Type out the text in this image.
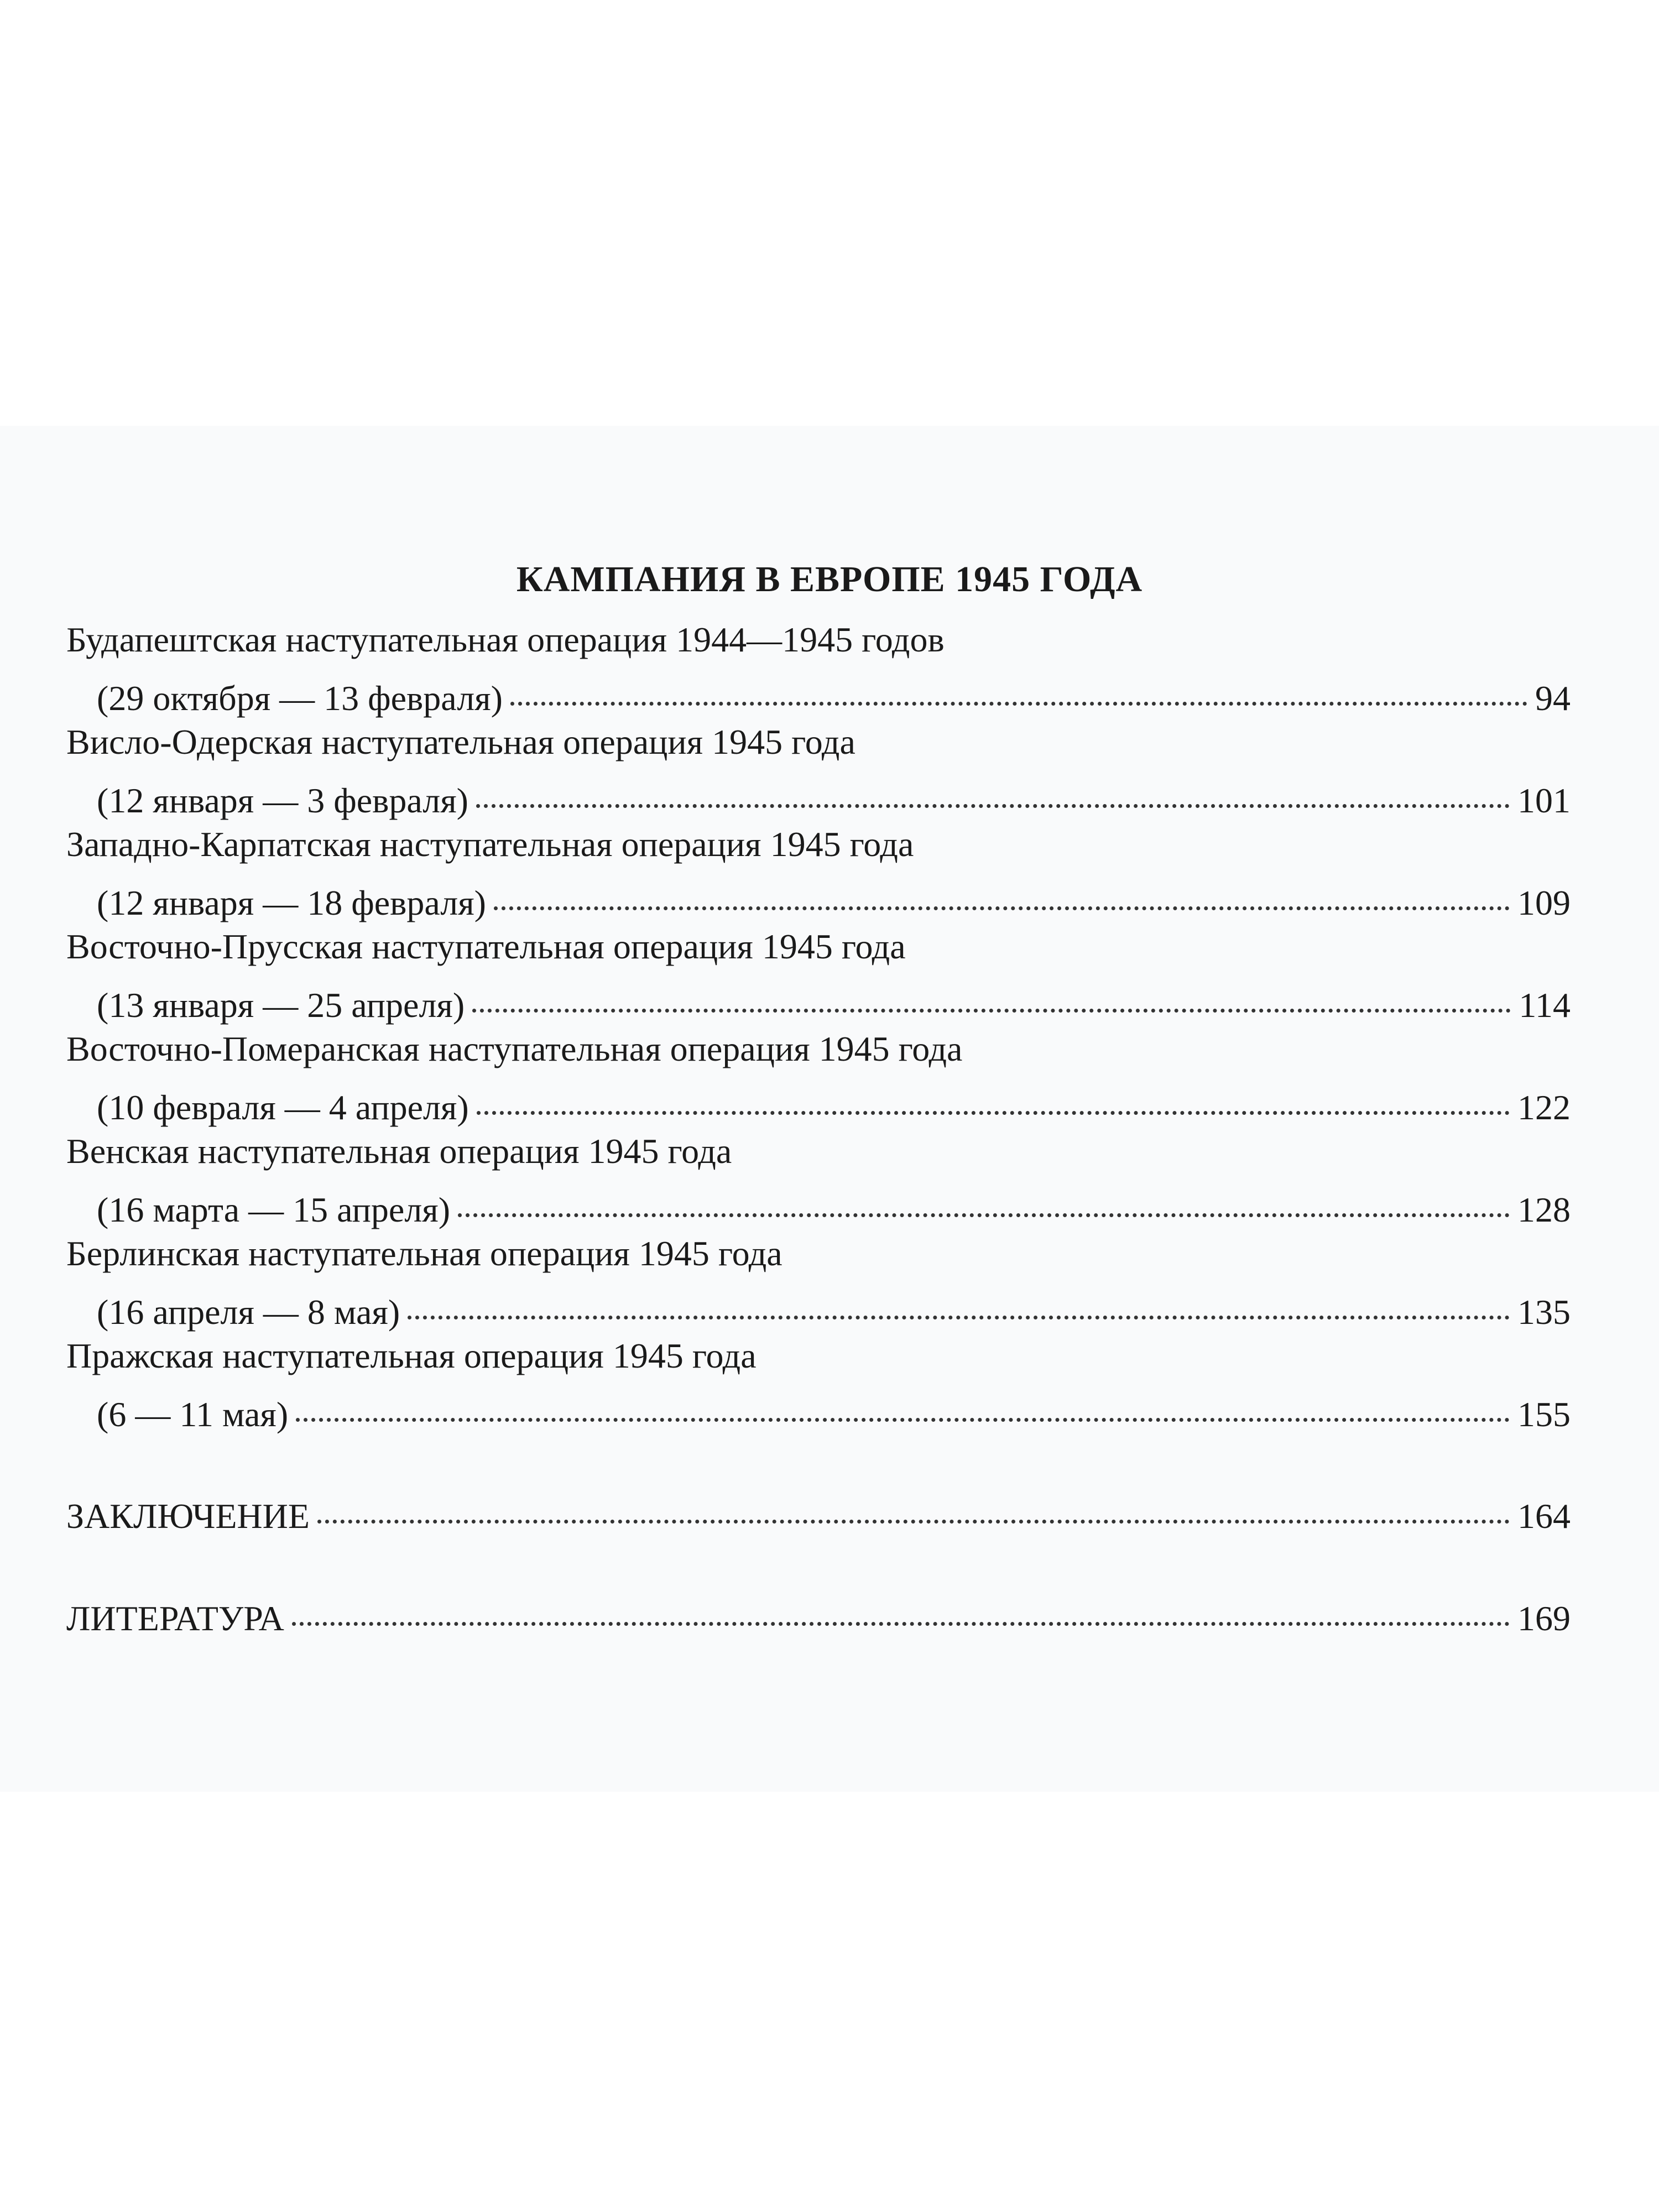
КАМПАНИЯ В ЕВРОПЕ 1945 ГОДА
Будапештская наступательная операция 1944—1945 годов
(29 октября — 13 февраля)	94
Висло-Одерская наступательная операция 1945 года
(12 января — 3 февраля)	101
Западно-Карпатская наступательная операция 1945 года
(12 января — 18 февраля)	109
Восточно-Прусская наступательная операция 1945 года
(13 января — 25 апреля)	114
Восточно-Померанская наступательная операция 1945 года
(10 февраля — 4 апреля)	122
Венская наступательная операция 1945 года
(16 марта — 15 апреля)	128
Берлинская наступательная операция 1945 года
(16 апреля — 8 мая)	135
Пражская наступательная операция 1945 года
(6 — 11 мая)	155
ЗАКЛЮЧЕНИЕ	164
ЛИТЕРАТУРА	169
